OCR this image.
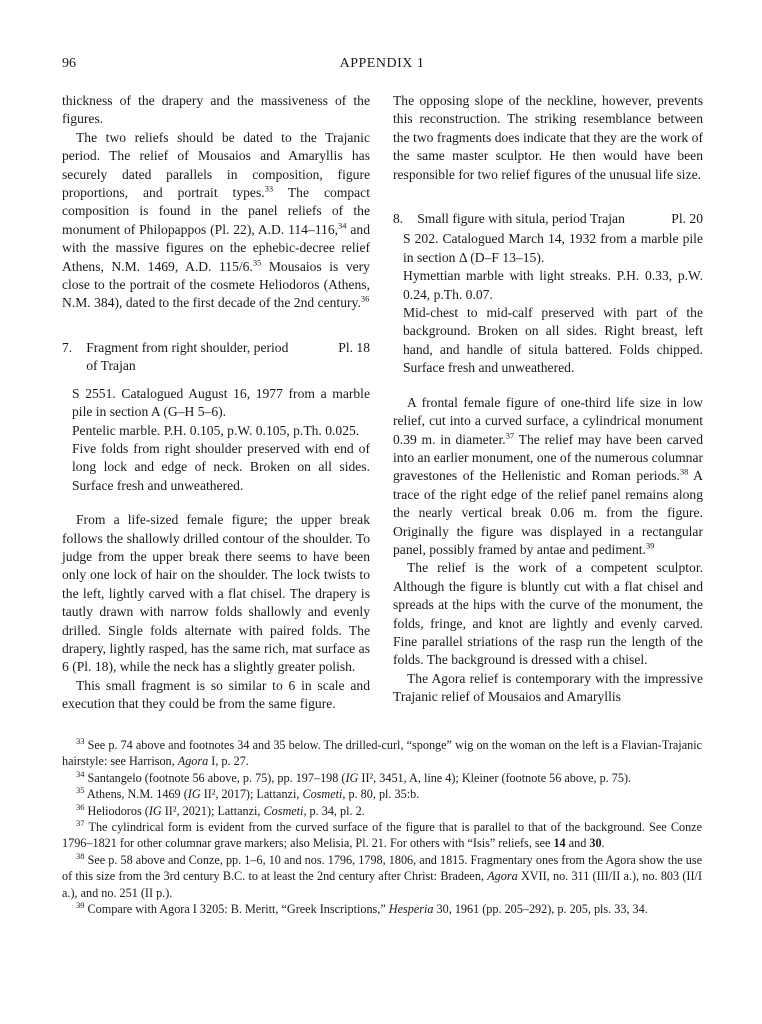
96	APPENDIX 1

thickness of the drapery and the massiveness of the figures.

The two reliefs should be dated to the Trajanic period. The relief of Mousaios and Amaryllis has securely dated parallels in composition, figure proportions, and portrait types.$^{33}$ The compact composition is found in the panel reliefs of the monument of Philopappos (Pl. 22), A.D. 114–116,34 and with the massive figures on the ephebic-decree relief Athens, N.M. 1469, A.D. 115/6.35 Mousaios is very close to the portrait of the cosmete Heliodoros (Athens, N.M. 384), dated to the first decade of the 2nd century.$^{36}$

7. Fragment from right shoulder, period of Trajan
Pl. 18

S 2551. Catalogued August 16, 1977 from a marble pile in section A (G–H 5–6).

Pentelic marble. P.H. 0.105, p.W. 0.105, p.Th. 0.025.

Five folds from right shoulder preserved with end of long lock and edge of neck. Broken on all sides. Surface fresh and unweathered.

From a life-sized female figure; the upper break follows the shallowly drilled contour of the shoulder. To judge from the upper break there seems to have been only one lock of hair on the shoulder. The lock twists to the left, lightly carved with a flat chisel. The drapery is tautly drawn with narrow folds shallowly and evenly drilled. Single folds alternate with paired folds. The drapery, lightly rasped, has the same rich, mat surface as 6 (Pl. 18), while the neck has a slightly greater polish.

This small fragment is so similar to 6 in scale and execution that they could be from the same figure.

The opposing slope of the neckline, however, prevents this reconstruction. The striking resemblance between the two fragments does indicate that they are the work of the same master sculptor. He then would have been responsible for two relief figures of the unusual life size.

8. Small figure with situla, period Trajan	Pl. 20

S 202. Catalogued March 14, 1932 from a marble pile in section Δ (D–F 13–15).

Hymettian marble with light streaks. P.H. 0.33, p.W. 0.24, p.Th. 0.07.

Mid-chest to mid-calf preserved with part of the background. Broken on all sides. Right breast, left hand, and handle of situla battered. Folds chipped. Surface fresh and unweathered.

A frontal female figure of one-third life size in low relief, cut into a curved surface, a cylindrical monument 0.39 m. in diameter.$^{37}$ The relief may have been carved into an earlier monument, one of the numerous columnar gravestones of the Hellenistic and Roman periods.$^{38}$ A trace of the right edge of the relief panel remains along the nearly vertical break 0.06 m. from the figure. Originally the figure was displayed in a rectangular panel, possibly framed by antae and pediment.$^{39}$

The relief is the work of a competent sculptor. Although the figure is bluntly cut with a flat chisel and spreads at the hips with the curve of the monument, the folds, fringe, and knot are lightly and evenly carved. Fine parallel striations of the rasp run the length of the folds. The background is dressed with a chisel.

The Agora relief is contemporary with the impressive Trajanic relief of Mousaios and Amaryllis

$^{33}$ See p. 74 above and footnotes 34 and 35 below. The drilled-curl, “sponge” wig on the woman on the left is a Flavian-Trajanic hairstyle: see Harrison, Agora I, p. 27.

$^{34}$ Santangelo (footnote 56 above, p. 75), pp. 197–198 (IG II², 3451, A, line 4); Kleiner (footnote 56 above, p. 75).

$^{35}$ Athens, N.M. 1469 (IG II², 2017); Lattanzi, Cosmeti, p. 80, pl. 35:b.

$^{36}$ Heliodoros (IG II², 2021); Lattanzi, Cosmeti, p. 34, pl. 2.

$^{37}$ The cylindrical form is evident from the curved surface of the figure that is parallel to that of the background. See Conze 1796–1821 for other columnar grave markers; also Melisia, Pl. 21. For others with “Isis” reliefs, see 14 and 30.

$^{38}$ See p. 58 above and Conze, pp. 1–6, 10 and nos. 1796, 1798, 1806, and 1815. Fragmentary ones from the Agora show the use of this size from the 3rd century B.C. to at least the 2nd century after Christ: Bradeen, Agora XVII, no. 311 (III/II a.), no. 803 (II/I a.), and no. 251 (II p.).

$^{39}$ Compare with Agora I 3205: B. Meritt, “Greek Inscriptions,” Hesperia 30, 1961 (pp. 205–292), p. 205, pls. 33, 34.
